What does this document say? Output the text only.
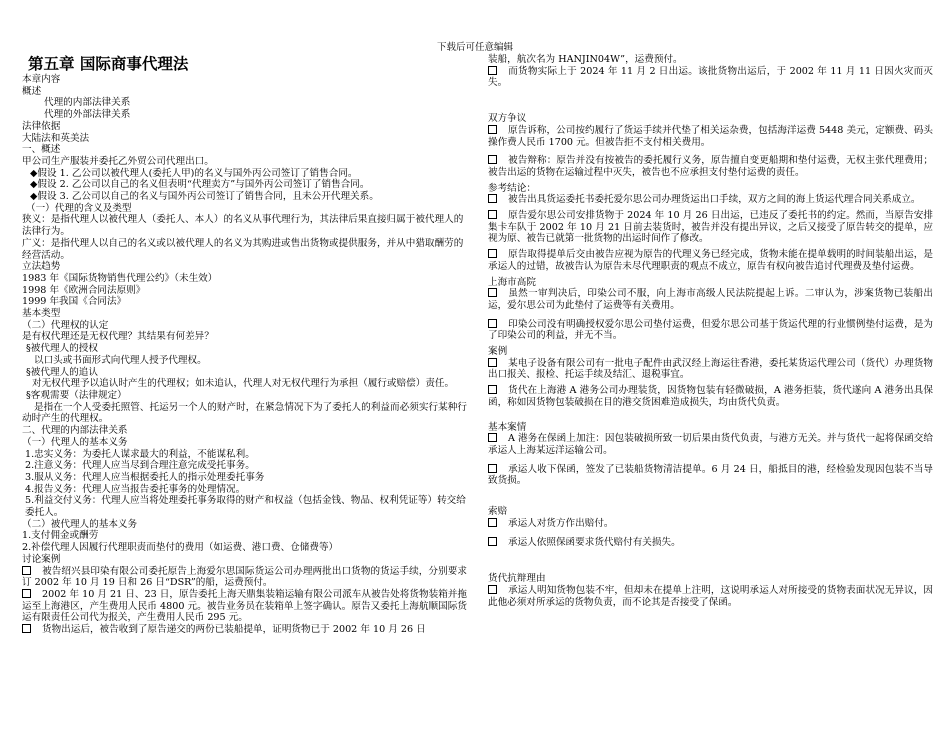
下载后可任意编辑
第五章 国际商事代理法

本章内容

概述

代理的内部法律关系

代理的外部法律关系

法律依据

大陆法和英美法

一、概述

甲公司生产服装并委托乙外贸公司代理出口。

◆假设 1. 乙公司以被代理人(委托人甲)的名义与国外丙公司签订了销售合同。

◆假设 2. 乙公司以自己的名义但表明“代理卖方”与国外丙公司签订了销售合同。

◆假设 3. 乙公司以自己的名义与国外丙公司签订了销售合同，且未公开代理关系。

（一）代理的含义及类型

狭义：是指代理人以被代理人（委托人、本人）的名义从事代理行为，其法律后果直接归属于被代理人的法律行为。

广义：是指代理人以自己的名义或以被代理人的名义为其购进或售出货物或提供服务，并从中猎取酬劳的经营活动。

立法趋势

1983 年《国际货物销售代理公约》（未生效）

1998 年《欧洲合同法原则》

1999 年我国《合同法》

基本类型

（二）代理权的认定

是有权代理还是无权代理？其结果有何差异？

§被代理人的授权

以口头或书面形式向代理人授予代理权。

§被代理人的追认

对无权代理予以追认时产生的代理权；如未追认，代理人对无权代理行为承担（履行或赔偿）责任。

§客观需要（法律规定）

是指在一个人受委托照管、托运另一个人的财产时，在紧急情况下为了委托人的利益而必须实行某种行动时产生的代理权。

二、代理的内部法律关系

（一）代理人的基本义务

1.忠实义务：为委托人谋求最大的利益，不能谋私利。

2.注意义务：代理人应当尽到合理注意完成受托事务。

3.服从义务：代理人应当根据委托人的指示处理委托事务

4.报告义务：代理人应当报告委托事务的处理情况。

5.利益交付义务：代理人应当将处理委托事务取得的财产和权益（包括金钱、物品、权利凭证等）转交给委托人。

（二）被代理人的基本义务

1.支付佣金或酬劳

2.补偿代理人因履行代理职责而垫付的费用（如运费、港口费、仓储费等）

讨论案例

被告绍兴县印染有限公司委托原告上海爱尔思国际货运公司办理两批出口货物的货运手续，分别要求订 2002 年 10 月 19 日和 26 日“DSR”的船，运费预付。

2002 年 10 月 21 日、23 日，原告委托上海天鼎集装箱运输有限公司派车从被告处将货物装箱并拖运至上海港区，产生费用人民币 4800 元。被告业务员在装箱单上签字确认。原告又委托上海航顺国际货运有限责任公司代为报关，产生费用人民币 295 元。

货物出运后，被告收到了原告递交的两份已装船提单，证明货物已于 2002 年 10 月 26 日

装船，航次名为 HANJIN04W”，运费预付。

而货物实际上于 2024 年 11 月 2 日出运。该批货物出运后，于 2002 年 11 月 11 日因火灾而灭失。

双方争议

原告诉称，公司按约履行了货运手续并代垫了相关运杂费，包括海洋运费 5448 美元，定额费、码头操作费人民币 1700 元。但被告拒不支付相关费用。

被告辩称：原告并没有按被告的委托履行义务，原告擅自变更船期和垫付运费，无权主张代理费用；被告出运的货物在运输过程中灭失，被告也不应承担支付垫付运费的责任。

参考结论：

被告出具货运委托书委托爱尔思公司办理货运出口手续，双方之间的海上货运代理合同关系成立。

原告爱尔思公司安排货物于 2024 年 10 月 26 日出运，已违反了委托书的约定。然而，当原告安排集卡车队于 2002 年 10 月 21 日前去装货时，被告并没有提出异议，之后又接受了原告转交的提单，应视为原、被告已就第一批货物的出运时间作了修改。

原告取得提单后交由被告应视为原告的代理义务已经完成，货物未能在提单载明的时间装船出运，是承运人的过错，故被告认为原告未尽代理职责的观点不成立，原告有权向被告追讨代理费及垫付运费。

上海市高院

虽然一审判决后，印染公司不服，向上海市高级人民法院提起上诉。二审认为，涉案货物已装船出运，爱尔思公司为此垫付了运费等有关费用。

印染公司没有明确授权爱尔思公司垫付运费，但爱尔思公司基于货运代理的行业惯例垫付运费，是为了印染公司的利益，并无不当。

案例

某电子设备有限公司有一批电子配件由武汉经上海运往香港，委托某货运代理公司（货代）办理货物出口报关、报检、托运手续及结汇、退税事宜。

货代在上海港 A 港务公司办理装货，因货物包装有轻微破损，A 港务拒装，货代遂向 A 港务出具保函，称如因货物包装破损在目的港交货困难造成损失，均由货代负责。

基本案情

A 港务在保函上加注：因包装破损所致一切后果由货代负责，与港方无关。并与货代一起将保函交给承运人上海某远洋运输公司。

承运人收下保函，签发了已装船货物清洁提单。6 月 24 日，船抵目的港，经检验发现因包装不当导致货损。

索赔

承运人对货方作出赔付。

承运人依照保函要求货代赔付有关损失。

货代抗辩理由

承运人明知货物包装不牢，但却未在提单上注明，这说明承运人对所接受的货物表面状况无异议，因此他必须对所承运的货物负责，而不论其是否接受了保函。
